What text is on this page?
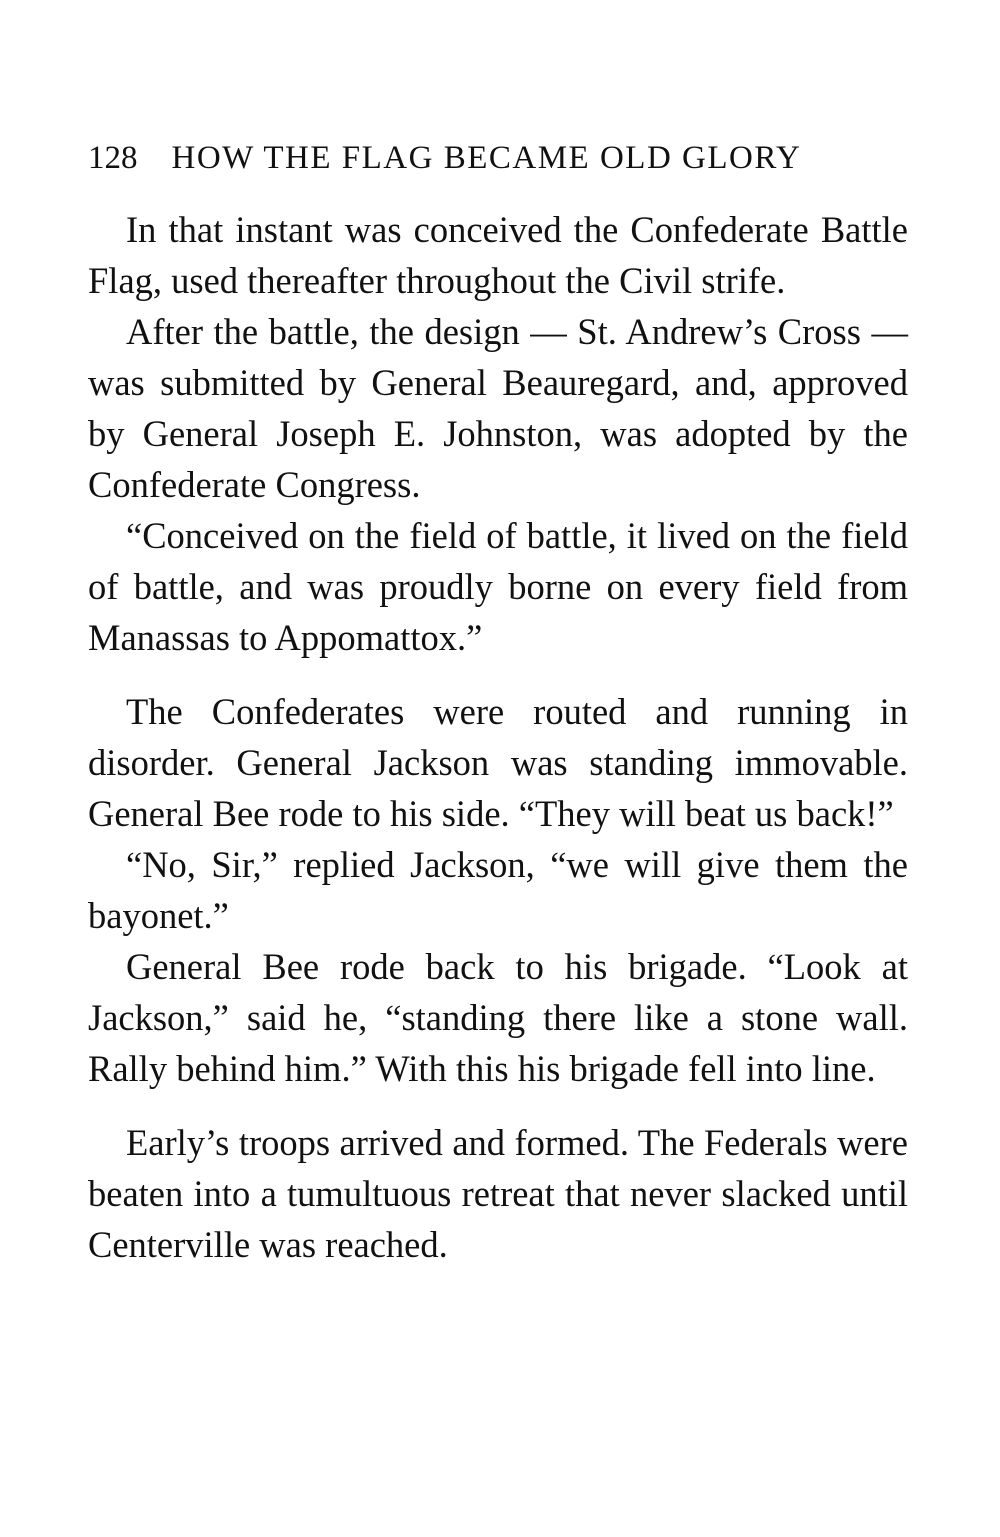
128 HOW THE FLAG BECAME OLD GLORY

In that instant was conceived the Confederate Battle Flag, used thereafter throughout the Civil strife.

After the battle, the design — St. Andrew’s Cross — was submitted by General Beauregard, and, approved by General Joseph E. Johnston, was adopted by the Confederate Congress.

“Conceived on the field of battle, it lived on the field of battle, and was proudly borne on every field from Manassas to Appomattox.”

The Confederates were routed and running in disorder. General Jackson was standing immovable. General Bee rode to his side. “They will beat us back!”

“No, Sir,” replied Jackson, “we will give them the bayonet.”

General Bee rode back to his brigade. “Look at Jackson,” said he, “standing there like a stone wall. Rally behind him.” With this his brigade fell into line.

Early’s troops arrived and formed. The Federals were beaten into a tumultuous retreat that never slacked until Centerville was reached.
